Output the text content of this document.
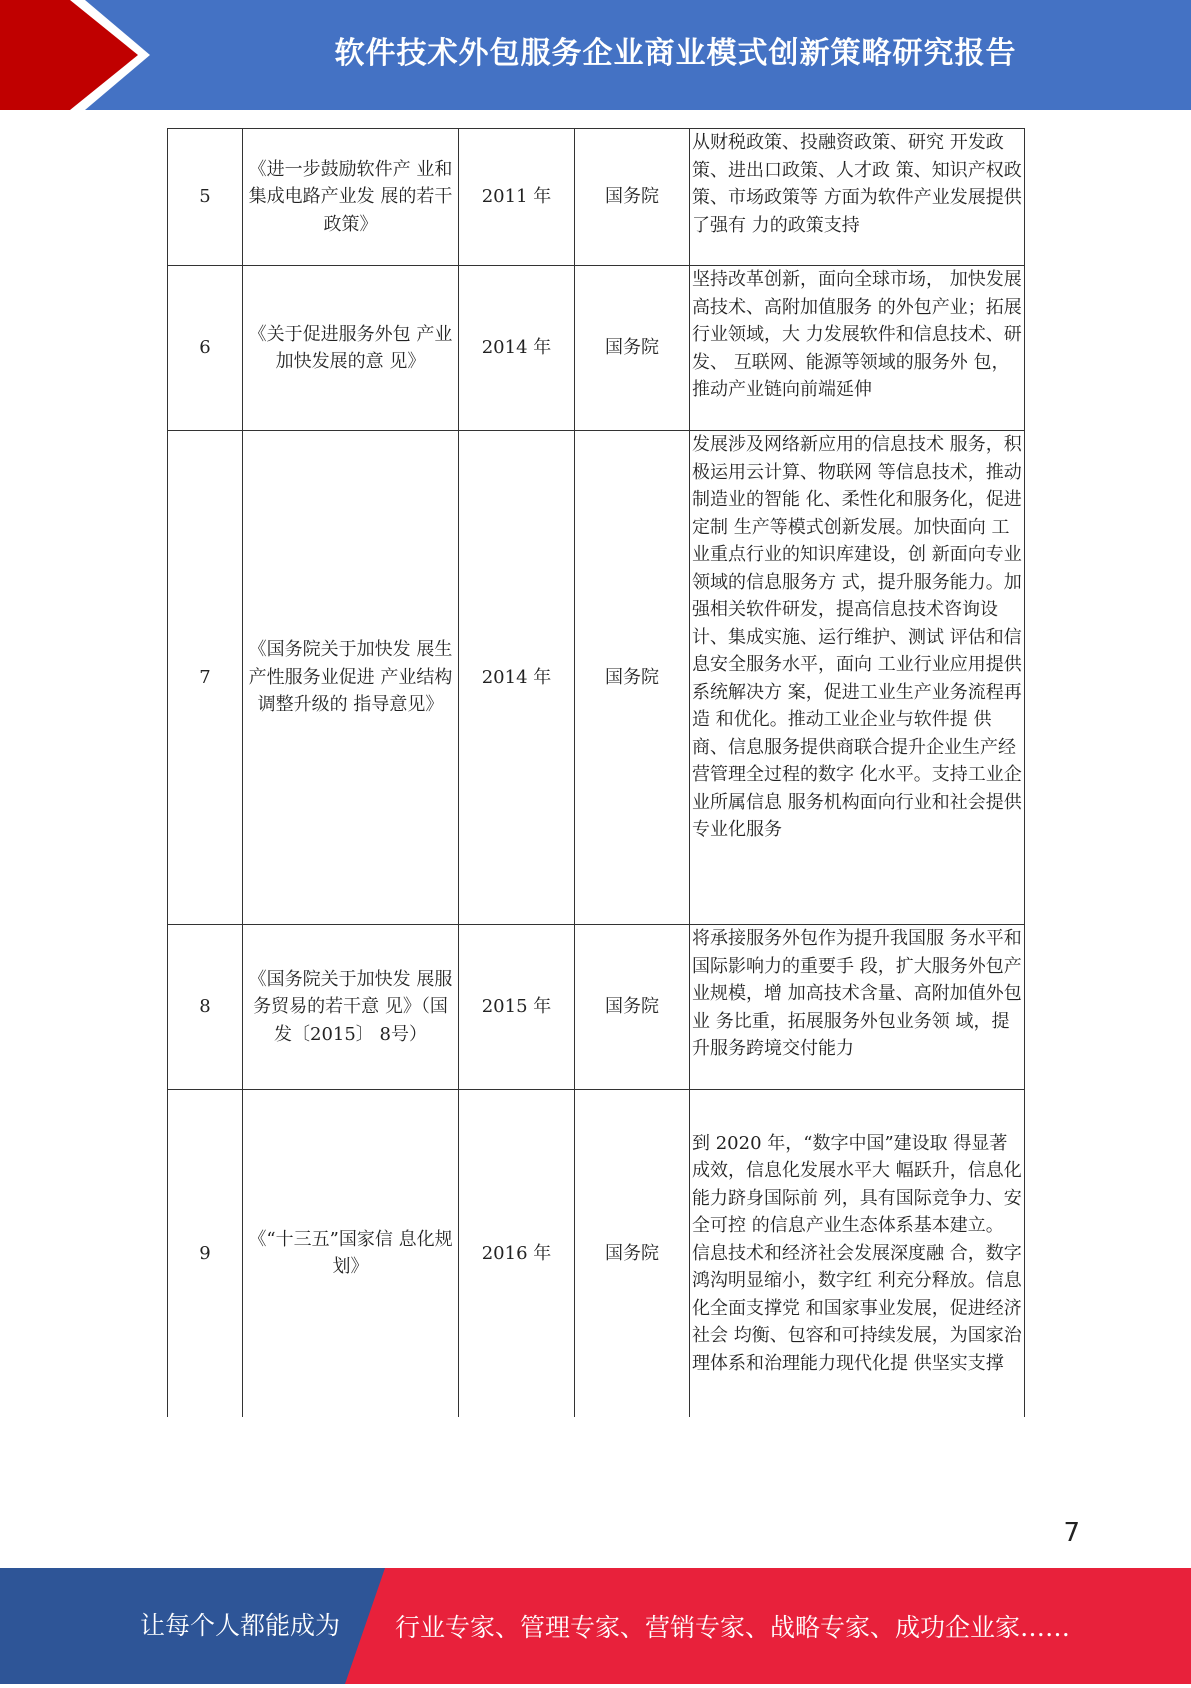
软件技术外包服务企业商业模式创新策略研究报告
5	《进一步鼓励软件产 业和集成电路产业发 展的若干政策》	2011 年	国务院	从财税政策、投融资政策、研究 开发政策、进出口政策、人才政 策、知识产权政策、市场政策等 方面为软件产业发展提供了强有 力的政策支持
6	《关于促进服务外包 产业加快发展的意 见》	2014 年	国务院	坚持改革创新，面向全球市场， 加快发展高技术、高附加值服务 的外包产业；拓展行业领域，大 力发展软件和信息技术、研发、 互联网、能源等领域的服务外 包，推动产业链向前端延伸
7	《国务院关于加快发 展生产性服务业促进 产业结构调整升级的 指导意见》	2014 年	国务院	发展涉及网络新应用的信息技术 服务，积极运用云计算、物联网 等信息技术，推动制造业的智能 化、柔性化和服务化，促进定制 生产等模式创新发展。加快面向 工业重点行业的知识库建设，创 新面向专业领域的信息服务方 式，提升服务能力。加强相关软件研发，提高信息技术咨询设 计、集成实施、运行维护、测试 评估和信息安全服务水平，面向 工业行业应用提供系统解决方 案，促进工业生产业务流程再造 和优化。推动工业企业与软件提 供商、信息服务提供商联合提升企业生产经营管理全过程的数字 化水平。支持工业企业所属信息 服务机构面向行业和社会提供专业化服务
8	《国务院关于加快发 展服务贸易的若干意 见》（国发〔2015〕 8号）	2015 年	国务院	将承接服务外包作为提升我国服 务水平和国际影响力的重要手 段，扩大服务外包产业规模，增 加高技术含量、高附加值外包业 务比重，拓展服务外包业务领 域，提升服务跨境交付能力
9	《“十三五”国家信 息化规划》	2016 年	国务院	到 2020 年，“数字中国”建设取 得显著成效，信息化发展水平大 幅跃升，信息化能力跻身国际前 列，具有国际竞争力、安全可控 的信息产业生态体系基本建立。 信息技术和经济社会发展深度融 合，数字鸿沟明显缩小，数字红 利充分释放。信息化全面支撑党 和国家事业发展，促进经济社会 均衡、包容和可持续发展，为国家治理体系和治理能力现代化提 供坚实支撑
7
让每个人都能成为 行业专家、管理专家、营销专家、战略专家、成功企业家……
